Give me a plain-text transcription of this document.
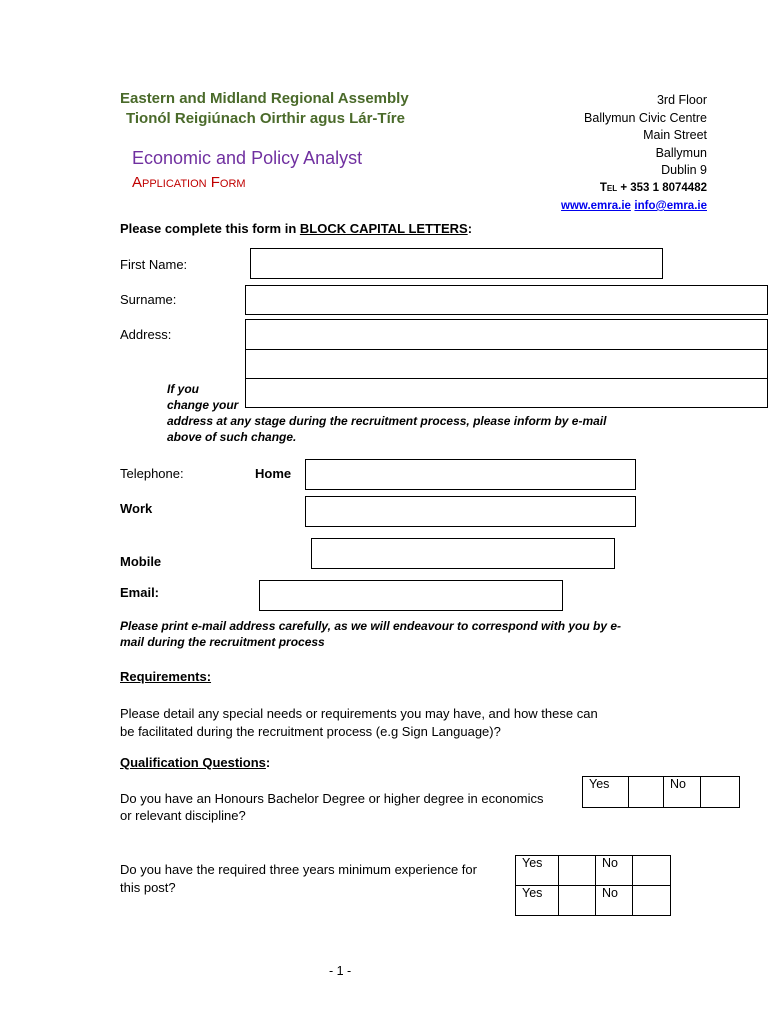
Eastern and Midland Regional Assembly
Tionól Reigiúnach Oirthir agus Lár-Tíre
Economic and Policy Analyst
Application Form
3rd Floor
Ballymun Civic Centre
Main Street
Ballymun
Dublin 9
Tel + 353 1 8074482
www.emra.ie info@emra.ie
Please complete this form in BLOCK CAPITAL LETTERS:
First Name:
Surname:
Address:
If you
change your
address at any stage during the recruitment process, please inform by e-mail
above of such change.
Telephone:	Home
Work
Mobile
Email:
Please print e-mail address carefully, as we will endeavour to correspond with you by e-
mail during the recruitment process
Requirements:
Please detail any special needs or requirements you may have, and how these can
be facilitated during the recruitment process (e.g Sign Language)?
Qualification Questions:
Do you have an Honours Bachelor Degree or higher degree in economics
or relevant discipline?
Yes		No	
Do you have the required three years minimum experience for
this post?
Yes		No	
Yes		No	
- 1 -
